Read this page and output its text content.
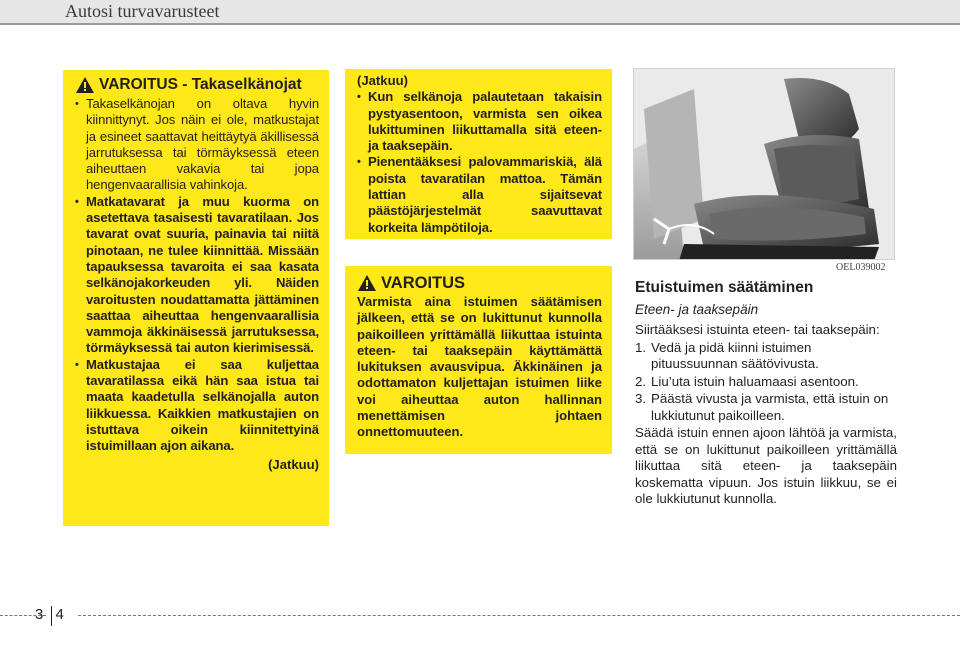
Autosi turvavarusteet
VAROITUS - Takaselkänojat
• Takaselkänojan on oltava hyvin kiinnittynyt. Jos näin ei ole, matkustajat ja esineet saattavat heittäytyä äkillisessä jarrutuksessa tai törmäyksessä eteen aiheuttaen vakavia tai jopa hengenvaarallisia vahinkoja.
• Matkatavarat ja muu kuorma on asetettava tasaisesti tavaratilaan. Jos tavarat ovat suuria, painavia tai niitä pinotaan, ne tulee kiinnittää. Missään tapauksessa tavaroita ei saa kasata selkänojakorkeuden yli. Näiden varoitusten noudattamatta jättäminen saattaa aiheuttaa hengenvaarallisia vammoja äkkinäisessä jarrutuksessa, törmäyksessä tai auton kierimisessä.
• Matkustajaa ei saa kuljettaa tavaratilassa eikä hän saa istua tai maata kaadetulla selkänojalla auton liikkuessa. Kaikkien matkustajien on istuttava oikein kiinnitettyinä istuimillaan ajon aikana.
(Jatkuu)
(Jatkuu)
• Kun selkänoja palautetaan takaisin pystyasentoon, varmista sen oikea lukittuminen liikuttamalla sitä eteen- ja taaksepäin.
• Pienentääksesi palovammariskiä, älä poista tavaratilan mattoa. Tämän lattian alla sijaitsevat päästöjärjestelmät saavuttavat korkeita lämpötiloja.
VAROITUS
Varmista aina istuimen säätämisen jälkeen, että se on lukittunut kunnolla paikoilleen yrittämällä liikuttaa istuinta eteen- tai taaksepäin käyttämättä lukituksen avausvipua. Äkkinäinen ja odottamaton kuljettajan istuimen liike voi aiheuttaa auton hallinnan menettämisen johtaen onnettomuuteen.
OEL039002
Etuistuimen säätäminen
Eteen- ja taaksepäin

Siirtääksesi istuinta eteen- tai taaksepäin:

1. Vedä ja pidä kiinni istuimen pituussuunnan säätövivusta.
2. Liu’uta istuin haluamaasi asentoon.
3. Päästä vivusta ja varmista, että istuin on lukkiutunut paikoilleen.

Säädä istuin ennen ajoon lähtöä ja varmista, että se on lukittunut paikoilleen yrittämällä liikuttaa sitä eteen- ja taaksepäin koskematta vipuun. Jos istuin liikkuu, se ei ole lukkiutunut kunnolla.

3 4
